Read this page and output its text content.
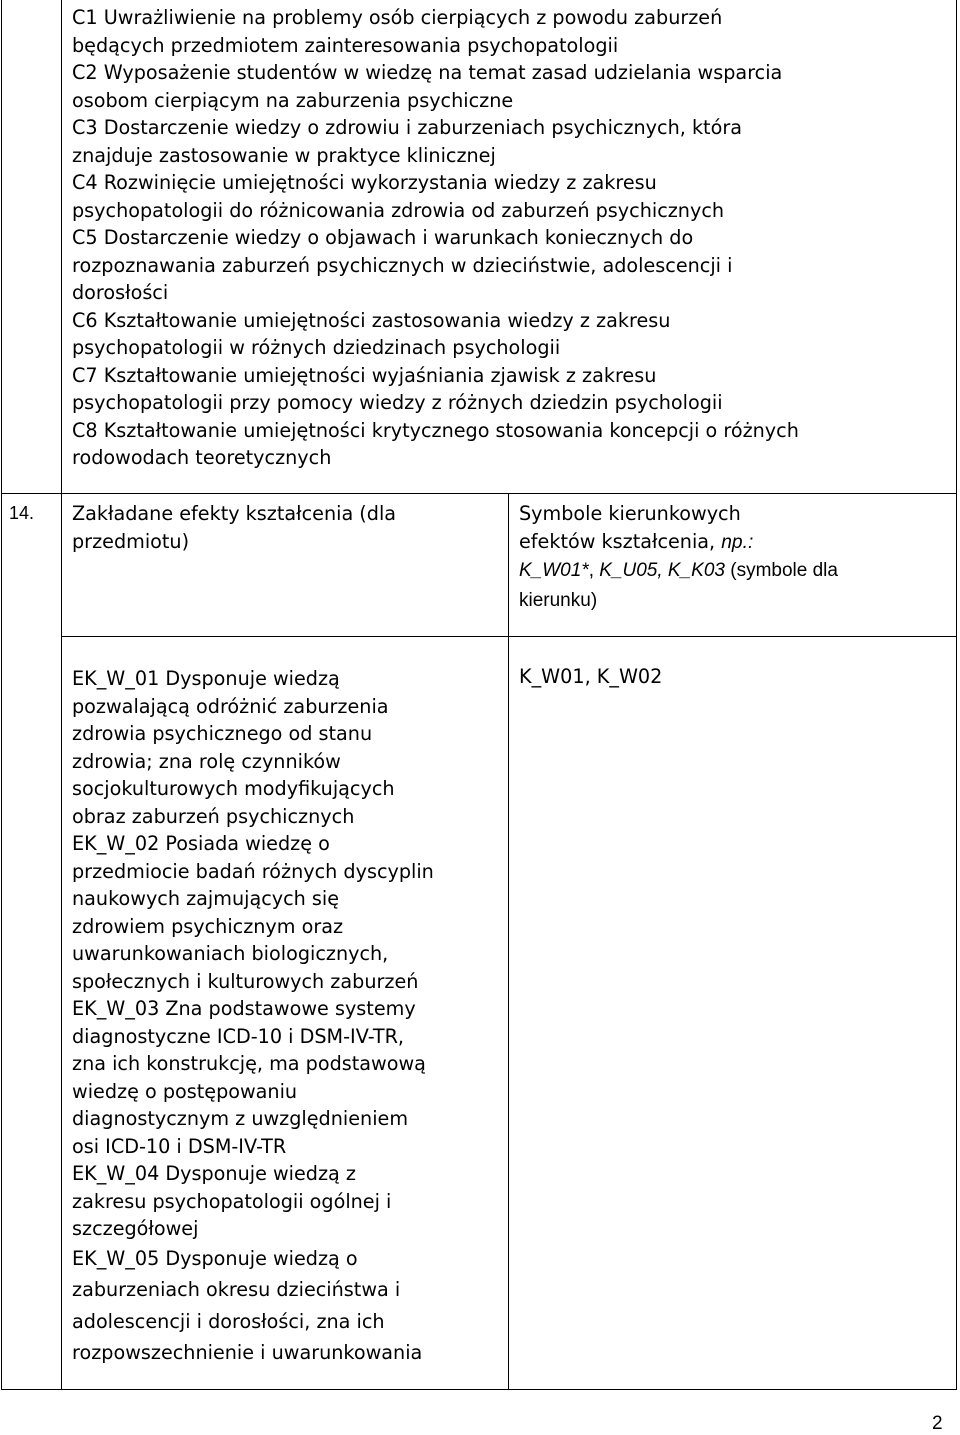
C1 Uwrażliwienie na problemy osób cierpiących z powodu zaburzeń
będących przedmiotem zainteresowania psychopatologii
C2 Wyposażenie studentów w wiedzę na temat zasad udzielania wsparcia
osobom cierpiącym na zaburzenia psychiczne
C3 Dostarczenie wiedzy o zdrowiu i zaburzeniach psychicznych, która
znajduje zastosowanie w praktyce klinicznej
C4 Rozwinięcie umiejętności wykorzystania wiedzy z zakresu
psychopatologii do różnicowania zdrowia od zaburzeń psychicznych
C5 Dostarczenie wiedzy o objawach i warunkach koniecznych do
rozpoznawania zaburzeń psychicznych w dzieciństwie, adolescencji i
dorosłości
C6 Kształtowanie umiejętności zastosowania wiedzy z zakresu
psychopatologii w różnych dziedzinach psychologii
C7 Kształtowanie umiejętności wyjaśniania zjawisk z zakresu
psychopatologii przy pomocy wiedzy z różnych dziedzin psychologii
C8 Kształtowanie umiejętności krytycznego stosowania koncepcji o różnych
rodowodach teoretycznych
14. Zakładane efekty kształcenia (dla
przedmiotu)
Symbole kierunkowych
efektów kształcenia, np.:
K_W01*, K_U05, K_K03 (symbole dla
kierunku)
EK_W_01 Dysponuje wiedzą
pozwalającą odróżnić zaburzenia
zdrowia psychicznego od stanu
zdrowia; zna rolę czynników
socjokulturowych modyfikujących
obraz zaburzeń psychicznych
EK_W_02 Posiada wiedzę o
przedmiocie badań różnych dyscyplin
naukowych zajmujących się
zdrowiem psychicznym oraz
uwarunkowaniach biologicznych,
społecznych i kulturowych zaburzeń
EK_W_03 Zna podstawowe systemy
diagnostyczne ICD-10 i DSM-IV-TR,
zna ich konstrukcję, ma podstawową
wiedzę o postępowaniu
diagnostycznym z uwzględnieniem
osi ICD-10 i DSM-IV-TR
EK_W_04 Dysponuje wiedzą z
zakresu psychopatologii ogólnej i
szczegółowej
EK_W_05 Dysponuje wiedzą o
zaburzeniach okresu dzieciństwa i
adolescencji i dorosłości, zna ich
rozpowszechnienie i uwarunkowania
K_W01, K_W02
2
